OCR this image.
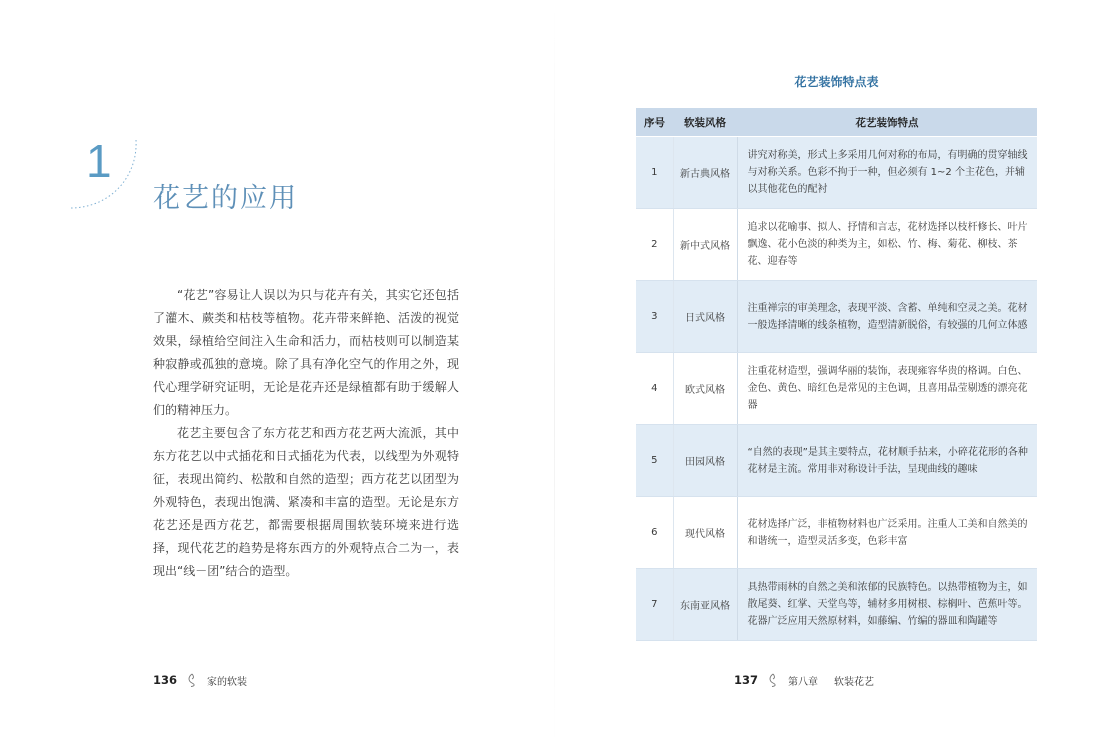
1
花艺的应用

“花艺”容易让人误以为只与花卉有关，其实它还包括了灌木、蕨类和枯枝等植物。花卉带来鲜艳、活泼的视觉效果，绿植给空间注入生命和活力，而枯枝则可以制造某种寂静或孤独的意境。除了具有净化空气的作用之外，现代心理学研究证明，无论是花卉还是绿植都有助于缓解人们的精神压力。

花艺主要包含了东方花艺和西方花艺两大流派，其中东方花艺以中式插花和日式插花为代表，以线型为外观特征，表现出简约、松散和自然的造型；西方花艺以团型为外观特色，表现出饱满、紧凑和丰富的造型。无论是东方花艺还是西方花艺，都需要根据周围软装环境来进行选择，现代花艺的趋势是将东西方的外观特点合二为一，表现出“线－团”结合的造型。

136	家的软装
花艺装饰特点表
序号	软装风格	花艺装饰特点
1	新古典风格	讲究对称美，形式上多采用几何对称的布局，有明确的贯穿轴线与对称关系。色彩不拘于一种，但必须有 1~2 个主花色，并辅以其他花色的配衬
2	新中式风格	追求以花喻事、拟人、抒情和言志，花材选择以枝杆修长、叶片飘逸、花小色淡的种类为主，如松、竹、梅、菊花、柳枝、茶花、迎春等
3	日式风格	注重禅宗的审美理念，表现平淡、含蓄、单纯和空灵之美。花材一般选择清晰的线条植物，造型清新脱俗，有较强的几何立体感
4	欧式风格	注重花材造型，强调华丽的装饰，表现雍容华贵的格调。白色、金色、黄色、暗红色是常见的主色调，且喜用晶莹剔透的漂亮花器
5	田园风格	“自然的表现”是其主要特点，花材顺手拈来，小碎花花形的各种花材是主流。常用非对称设计手法，呈现曲线的趣味
6	现代风格	花材选择广泛，非植物材料也广泛采用。注重人工美和自然美的和谐统一，造型灵活多变，色彩丰富
7	东南亚风格	具热带雨林的自然之美和浓郁的民族特色。以热带植物为主，如散尾葵、红掌、天堂鸟等，辅材多用树根、棕榈叶、芭蕉叶等。花器广泛应用天然原材料，如藤编、竹编的器皿和陶罐等
137	第八章 软装花艺
